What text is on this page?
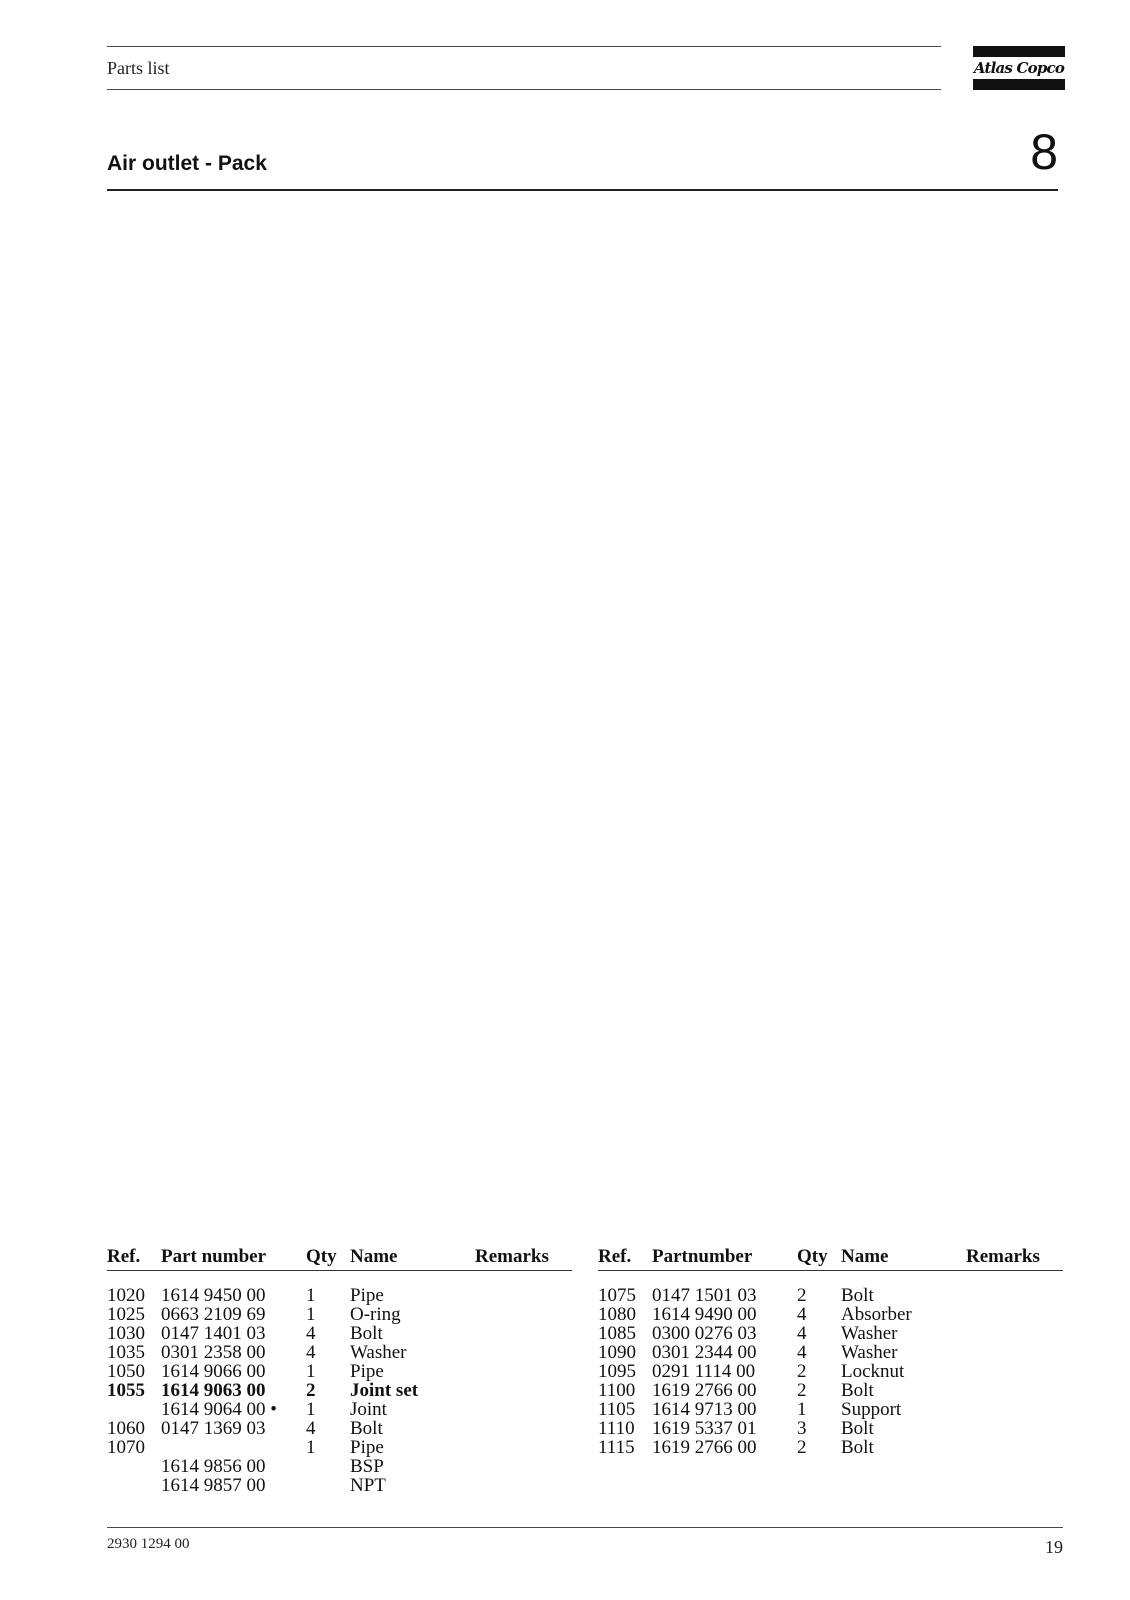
Parts list	Atlas Copco
Air outlet - Pack	8
Ref. Part number Qty Name	Remarks
1020 1614 9450 00 1 Pipe
1025 0663 2109 69 1 O-ring
1030 0147 1401 03 4 Bolt
1035 0301 2358 00 4 Washer
1050 1614 9066 00 1 Pipe
1055 1614 9063 00 2 Joint set
1614 9064 00 • 1 Joint
1060 0147 1369 03 4 Bolt
1070	1 Pipe
1614 9856 00	BSP
1614 9857 00	NPT
Ref. Partnumber Qty Name	Remarks
1075 0147 1501 03 2 Bolt
1080 1614 9490 00 4 Absorber
1085 0300 0276 03 4 Washer
1090 0301 2344 00 4 Washer
1095 0291 1114 00 2 Locknut
1100 1619 2766 00 2 Bolt
1105 1614 9713 00 1 Support
1110 1619 5337 01 3 Bolt
1115 1619 2766 00 2 Bolt
2930 1294 00	19
